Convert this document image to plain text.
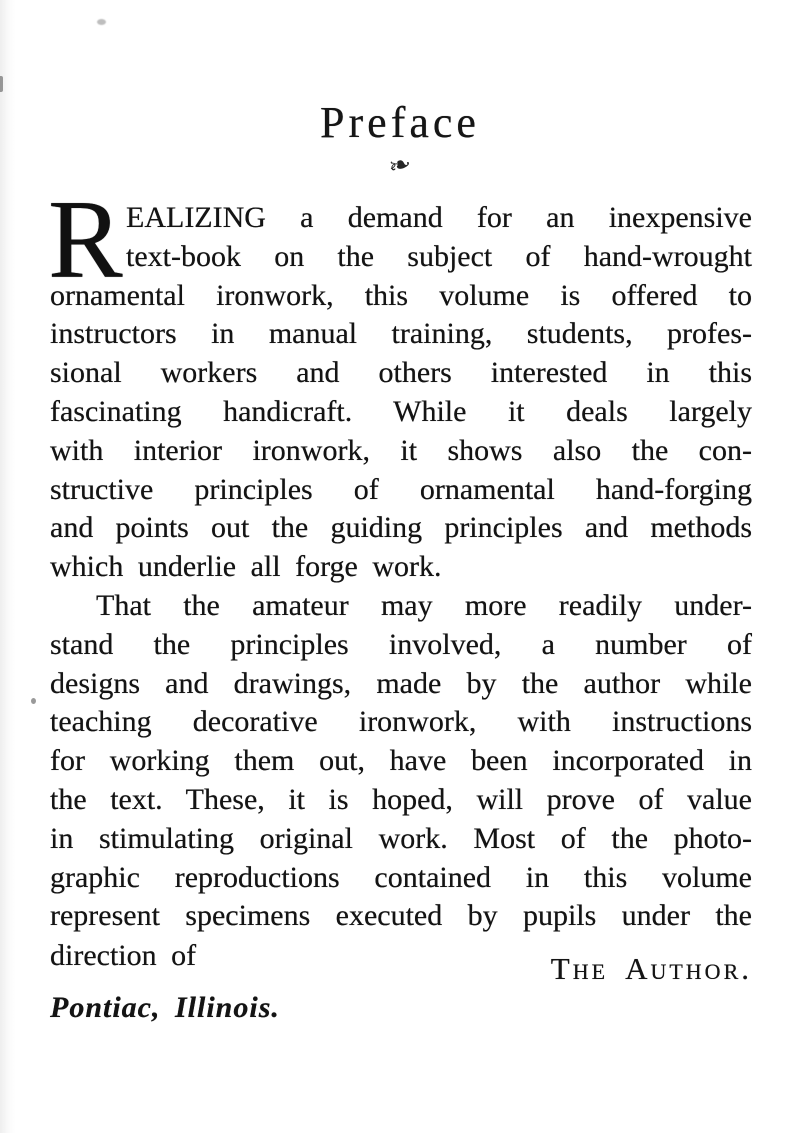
Preface
❧
R EALIZING a demand for an inexpensive
text-book on the subject of hand-wrought
ornamental ironwork, this volume is offered to
instructors in manual training, students, profes-
sional workers and others interested in this
fascinating handicraft. While it deals largely
with interior ironwork, it shows also the con-
structive principles of ornamental hand-forging
and points out the guiding principles and methods
which underlie all forge work.
That the amateur may more readily under-
stand the principles involved, a number of
designs and drawings, made by the author while
teaching decorative ironwork, with instructions
for working them out, have been incorporated in
the text. These, it is hoped, will prove of value
in stimulating original work. Most of the photo-
graphic reproductions contained in this volume
represent specimens executed by pupils under the
direction of	The Author.
Pontiac, Illinois.
